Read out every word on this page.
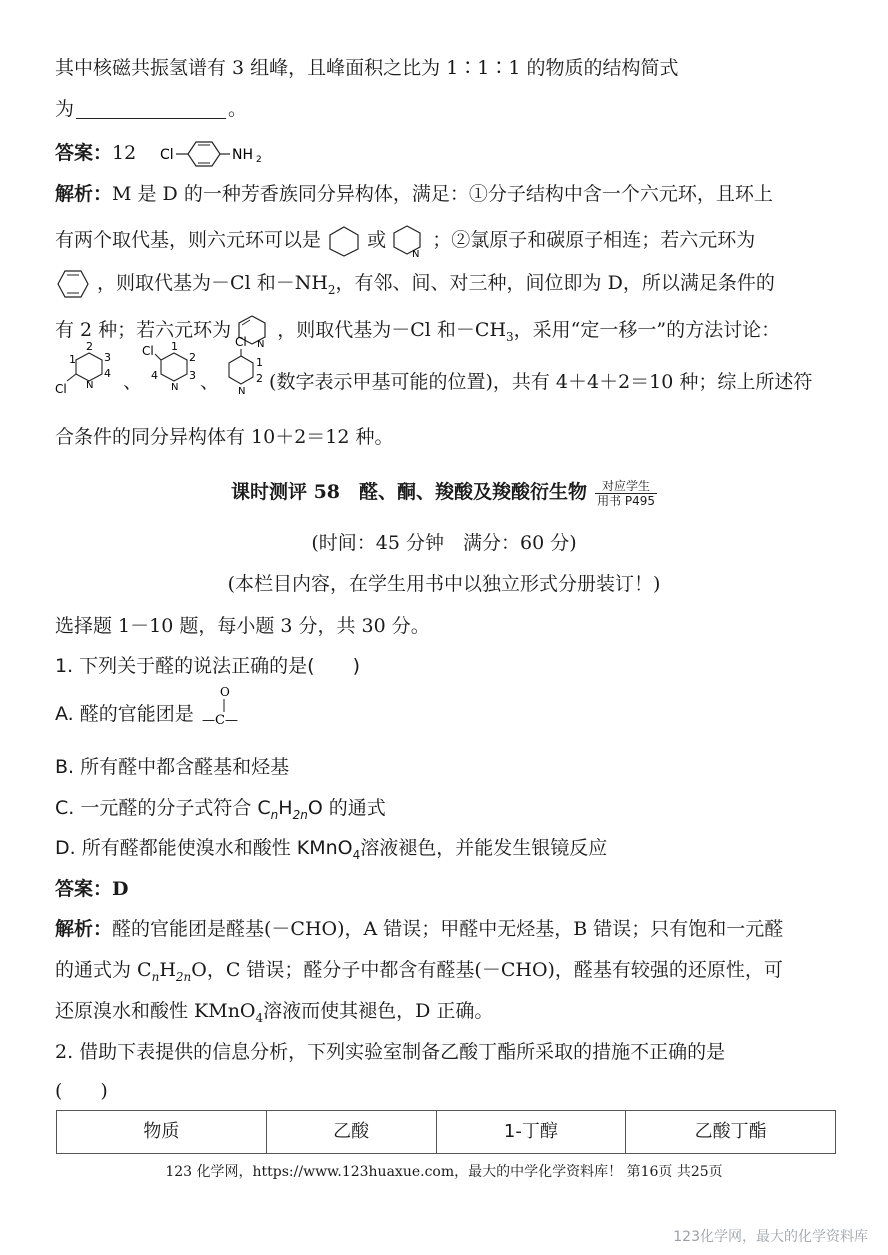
其中核磁共振氢谱有 3 组峰，且峰面积之比为 1∶1∶1 的物质的结构简式
为	。
答案：12 Cl	NH 2
解析：M 是 D 的一种芳香族同分异构体，满足：①分子结构中含一个六元环，且环上
有两个取代基，则六元环可以是 或
N
；②氯原子和碳原子相连；若六元环为
，则取代基为－Cl 和$-NH_2$，有邻、间、对三种，间位即为 D，所以满足条件的
有 2 种；若六元环为
N
，则取代基为－Cl 和$-CH_3$，采用“定一移一”的方法讨论：
Cl N
1
2
3
4 、
Cl
N
1
2
3
4 、
Cl
N
1
2 (数字表示甲基可能的位置)，共有 4＋4＋2＝10 种；综上所述符
合条件的同分异构体有 10＋2＝12 种。
课时测评 58　醛、酮、羧酸及羧酸衍生物 $\frac{\text{对应学生}}{\text{用书 P495}}$
(时间：45 分钟　满分：60 分)
(本栏目内容，在学生用书中以独立形式分册装订！)
选择题 1－10 题，每小题 3 分，共 30 分。
1. 下列关于醛的说法正确的是(　　)
A. 醛的官能团是
O
—C—
B. 所有醛中都含醛基和烃基
C. 一元醛的分子式符合 $C_nH_{2n}O$ 的通式
D. 所有醛都能使溴水和酸性 KMnO$_4$溶液褪色，并能发生银镜反应
答案：D
解析：醛的官能团是醛基(－CHO)，A 错误；甲醛中无烃基，B 错误；只有饱和一元醛
的通式为 $C_nH_{2n}O$，C 错误；醛分子中都含有醛基(－CHO)，醛基有较强的还原性，可
还原溴水和酸性 KMnO$_4$溶液而使其褪色，D 正确。
2. 借助下表提供的信息分析，下列实验室制备乙酸丁酯所采取的措施不正确的是
(　　)
物质	乙酸	1-丁醇	乙酸丁酯
123 化学网，https://www.123huaxue.com，最大的中学化学资料库！ 第16页 共25页
123化学网，最大的化学资料库
